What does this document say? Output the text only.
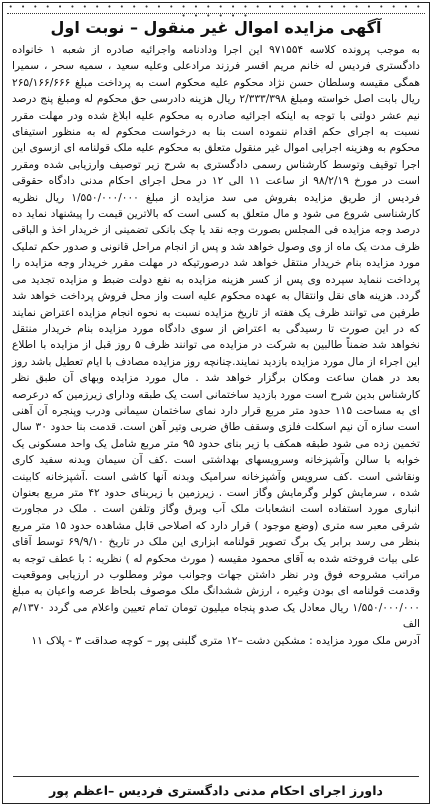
• • • • • • • • • • • • • • • • • • • • • • • • • • • • • • • • • • • • • • • •
آگهی مزایده اموال غیر منقول – نوبت اول

به موجب پرونده کلاسه ۹۷۱۵۵۴ این اجرا ودادنامه واجرائیه صادره از شعبه ۱ خانواده دادگستری فردیس له خانم مریم افسر فرزند مرادعلی وعلیه سعید ، سمیه سحر ، سمیرا همگی مقیسه وسلطان حسن نژاد محکوم علیه محکوم است به پرداخت مبلغ ۲۶۵/۱۶۶/۶۶۶ ریال بابت اصل خواسته ومبلغ ۲/۳۳۳/۳۹۸ ریال هزینه دادرسی حق محکوم له ومبلغ پنج درصد نیم عشر دولتی با توجه به اینکه اجرائیه صادره به محکوم علیه ابلاغ شده ودر مهلت مقرر نسبت به اجرای حکم اقدام ننموده است بنا به درخواست محکوم له به منظور استیفای محکوم به وهزینه اجرایی اموال غیر منقول متعلق به محکوم علیه ملک قولنامه ای ازسوی این اجرا توقیف وتوسط کارشناس رسمی دادگستری به شرح زیر توصیف وارزیابی شده ومقرر است در مورخ ۹۸/۲/۱۹ از ساعت ۱۱ الی ۱۲ در محل اجرای احکام مدنی دادگاه حقوقی فردیس از طریق مزایده بفروش می سد مزایده از مبلغ ۱/۵۵۰/۰۰۰/۰۰۰ ریال نظریه کارشناسی شروع می شود و مال متعلق به کسی است که بالاترین قیمت را پیشنهاد نماید ده درصد وجه مزایده فی المجلس بصورت وجه نقد یا چک بانکی تضمینی از خریدار اخذ و الباقی ظرف مدت یک ماه از وی وصول خواهد شد و پس از انجام مراحل قانونی و صدور حکم تملیک مورد مزایده بنام خریدار منتقل خواهد شد درصورتیکه در مهلت مقرر خریدار وجه مزایده را پرداخت ننماید سپرده وی پس از کسر هزینه مزایده به نفع دولت ضبط و مزایده تجدید می گردد. هزینه های نقل وانتقال به عهده محکوم علیه است واز محل فروش پرداخت خواهد شد طرفین می توانند ظرف یک هفته از تاریخ مزایده نسبت به نحوه انجام مزایده اعتراض نمایند که در این صورت تا رسیدگی به اعتراض از سوی دادگاه مورد مزایده بنام خریدار منتقل نخواهد شد ضمناً طالبین به شرکت در مزایده می توانند ظرف ۵ روز قبل از مزایده با اطلاع این اجراء از مال مورد مزایده بازدید نمایند.چنانچه روز مزایده مصادف با ایام تعطیل باشد روز بعد در همان ساعت ومکان برگزار خواهد شد . مال مورد مزایده وبهای آن طبق نظر کارشناس بدین شرح است مورد بازدید ساختمانی است یک طبقه ودارای زیرزمین که درعرصه ای به مساحت ۱۱۵ حدود متر مربع قرار دارد نمای ساختمان سیمانی ودرب وپنجره آن آهنی است سازه آن نیم اسکلت فلزی وسقف طاق ضربی وتیر آهن است. قدمت بنا حدود ۳۰ سال تخمین زده می شود طبقه همکف با زیر بنای حدود ۹۵ متر مربع شامل یک واحد مسکونی یک خوابه با سالن وآشپزخانه وسرویسهای بهداشتی است .کف آن سیمان وبدنه سفید کاری ونقاشی است .کف سرویس وآشپزخانه سرامیک وبدنه آنها کاشی است .آشپزخانه کابینت شده ، سرمایش کولر وگرمایش وگاز است . زیرزمین با زیربنای حدود ۴۲ متر مربع بعنوان انباری مورد استفاده است انشعابات ملک آب وبرق وگاز وتلفن است . ملک در مجاورت شرقی معبر سه متری (وضع موجود ) قرار دارد که اصلاحی قابل مشاهده حدود ۱۵ متر مربع بنظر می رسد برابر یک برگ تصویر قولنامه ابزاری این ملک در تاریخ ۶۹/۹/۱۰ توسط آقای علی بیات فروخته شده به آقای محمود مقیسه ( مورث محکوم له ) نظریه : با عطف توجه به مراتب مشروحه فوق ودر نظر داشتن جهات وجوانب موثر ومطلوب در ارزیابی وموقعیت وقدمت قولنامه ای بودن وغیره ، ارزش ششدانگ ملک موصوف بلحاظ عرصه واعیان به مبلغ ۱/۵۵۰/۰۰۰/۰۰۰ ریال معادل یک صدو پنجاه میلیون تومان تمام تعیین واعلام می گردد ۱۳۷۰/م الف
آدرس ملک مورد مزایده : مشکین دشت –۱۲ متری گلبنی پور – کوچه صداقت ۳ - پلاک ۱۱

داورز اجرای احکام مدنی دادگستری فردیس –اعظم پور
